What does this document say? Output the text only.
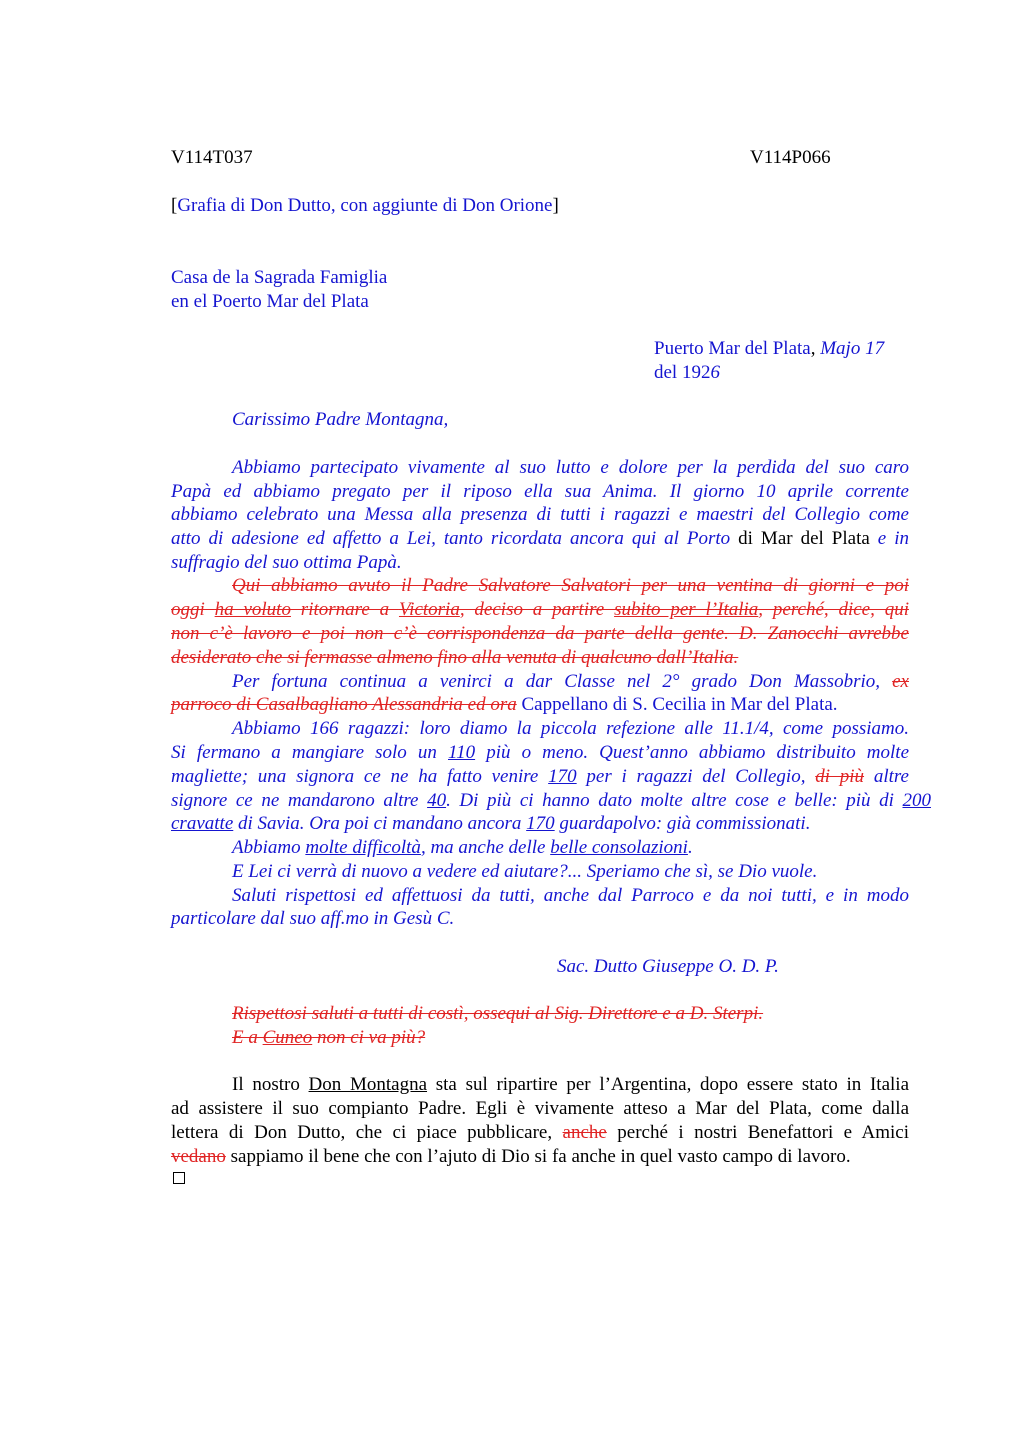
V114T037	V114P066
[Grafia di Don Dutto, con aggiunte di Don Orione]
Casa de la Sagrada Famiglia
en el Poerto Mar del Plata
Puerto Mar del Plata, Majo 17
del 1926
Carissimo Padre Montagna,
Abbiamo partecipato vivamente al suo lutto e dolore per la perdida del suo caro
Papà ed abbiamo pregato per il riposo ella sua Anima. Il giorno 10 aprile corrente
abbiamo celebrato una Messa alla presenza di tutti i ragazzi e maestri del Collegio come
atto di adesione ed affetto a Lei, tanto ricordata ancora qui al Porto di Mar del Plata e in
suffragio del suo ottima Papà.
Qui abbiamo avuto il Padre Salvatore Salvatori per una ventina di giorni e poi
oggi ha voluto ritornare a Victoria, deciso a partire subito per l’Italia, perché, dice, qui
non c’è lavoro e poi non c’è corrispondenza da parte della gente. D. Zanocchi avrebbe
desiderato che si fermasse almeno fino alla venuta di qualcuno dall’Italia.
Per fortuna continua a venirci a dar Classe nel 2° grado Don Massobrio, ex
parroco di Casalbagliano Alessandria ed ora Cappellano di S. Cecilia in Mar del Plata.
Abbiamo 166 ragazzi: loro diamo la piccola refezione alle 11.1/4, come possiamo.
Si fermano a mangiare solo un 110 più o meno. Quest’anno abbiamo distribuito molte
magliette; una signora ce ne ha fatto venire 170 per i ragazzi del Collegio, di più altre
signore ce ne mandarono altre 40. Di più ci hanno dato molte altre cose e belle: più di 200
cravatte di Savia. Ora poi ci mandano ancora 170 guardapolvo: già commissionati.
Abbiamo molte difficoltà, ma anche delle belle consolazioni.
E Lei ci verrà di nuovo a vedere ed aiutare?... Speriamo che sì, se Dio vuole.
Saluti rispettosi ed affettuosi da tutti, anche dal Parroco e da noi tutti, e in modo
particolare dal suo aff.mo in Gesù C.
Sac. Dutto Giuseppe O. D. P.
Rispettosi saluti a tutti di costì, ossequi al Sig. Direttore e a D. Sterpi.
E a Cuneo non ci va più?
Il nostro Don Montagna sta sul ripartire per l’Argentina, dopo essere stato in Italia
ad assistere il suo compianto Padre. Egli è vivamente atteso a Mar del Plata, come dalla
lettera di Don Dutto, che ci piace pubblicare, anche perché i nostri Benefattori e Amici
vedano sappiamo il bene che con l’ajuto di Dio si fa anche in quel vasto campo di lavoro.
